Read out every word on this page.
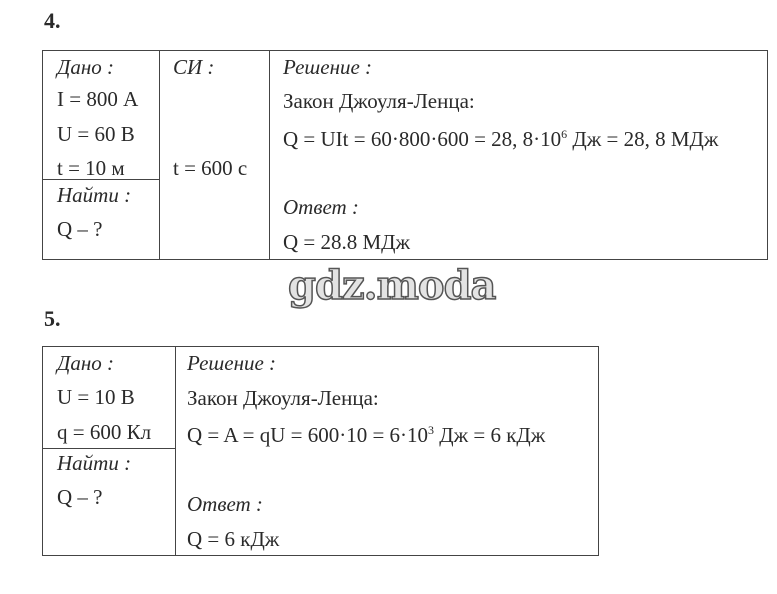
4.
Дано :
I = 800 А
U = 60 В
t = 10 м
Найти :
Q – ?
СИ :
t = 600 с
Решение :
Закон Джоуля-Ленца:
Q = UIt = 60·800·600 = 28, $8\cdot 10^6$ Дж = 28, 8 МДж
Ответ :
Q = 28.8 МДж
gdz.moda
5.
Дано :
U = 10 В
q = 600 Кл
Найти :
Q – ?
Решение :
Закон Джоуля-Ленца:
Q = A = qU = $600\cdot 10 = 6\cdot 10^3$ Дж = 6 кДж
Ответ :
Q = 6 кДж
